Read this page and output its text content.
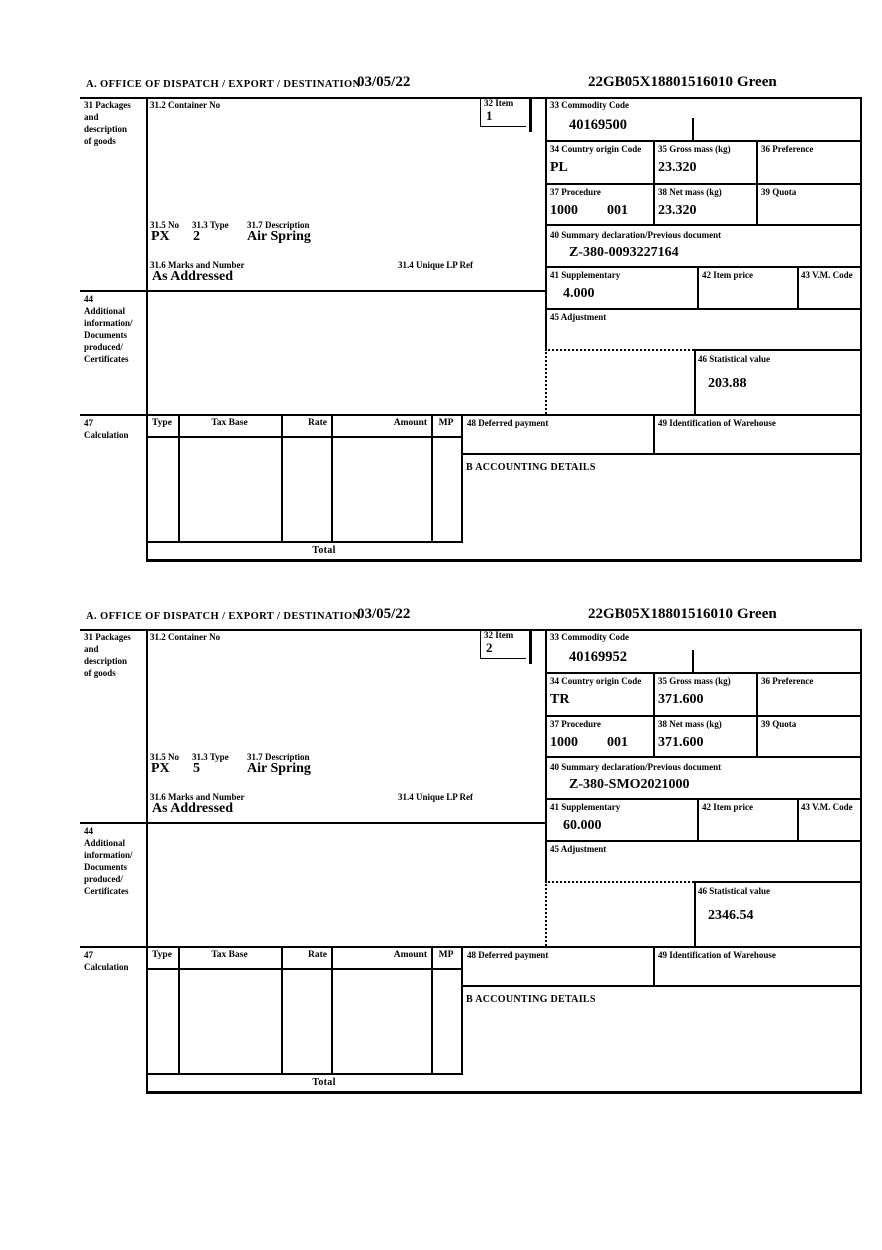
A. OFFICE OF DISPATCH / EXPORT / DESTINATION
03/05/22	22GB05X18801516010 Green
31 Packages
and
description
of goods
31.2 Container No	32 Item
1
33 Commodity Code
40169500
34 Country origin Code
PL
35 Gross mass (kg)
23.320
36 Preference
37 Procedure
1000 001
38 Net mass (kg)
23.320
39 Quota
40 Summary declaration/Previous document
Z-380-0093227164
41 Supplementary
4.000
42 Item price	43 V.M. Code
45 Adjustment
46 Statistical value
203.88
31.5 No 31.3 Type 31.7 Description
PX 2	Air Spring
31.6 Marks and Number	31.4 Unique LP Ref
As Addressed
44
Additional
information/
Documents
produced/
Certificates
47
Calculation
Type	Tax Base	Rate	Amount	MP	48 Deferred payment	49 Identification of Warehouse
B ACCOUNTING DETAILS
Total
A. OFFICE OF DISPATCH / EXPORT / DESTINATION
03/05/22	22GB05X18801516010 Green
31 Packages
and
description
of goods
31.2 Container No	32 Item
2
33 Commodity Code
40169952
34 Country origin Code
TR
35 Gross mass (kg)
371.600
36 Preference
37 Procedure
1000 001
38 Net mass (kg)
371.600
39 Quota
40 Summary declaration/Previous document
Z-380-SMO2021000
41 Supplementary
60.000
42 Item price	43 V.M. Code
45 Adjustment
46 Statistical value
2346.54
31.5 No 31.3 Type 31.7 Description
PX 5	Air Spring
31.6 Marks and Number	31.4 Unique LP Ref
As Addressed
44
Additional
information/
Documents
produced/
Certificates
47
Calculation
Type	Tax Base	Rate	Amount	MP	48 Deferred payment	49 Identification of Warehouse
B ACCOUNTING DETAILS
Total
